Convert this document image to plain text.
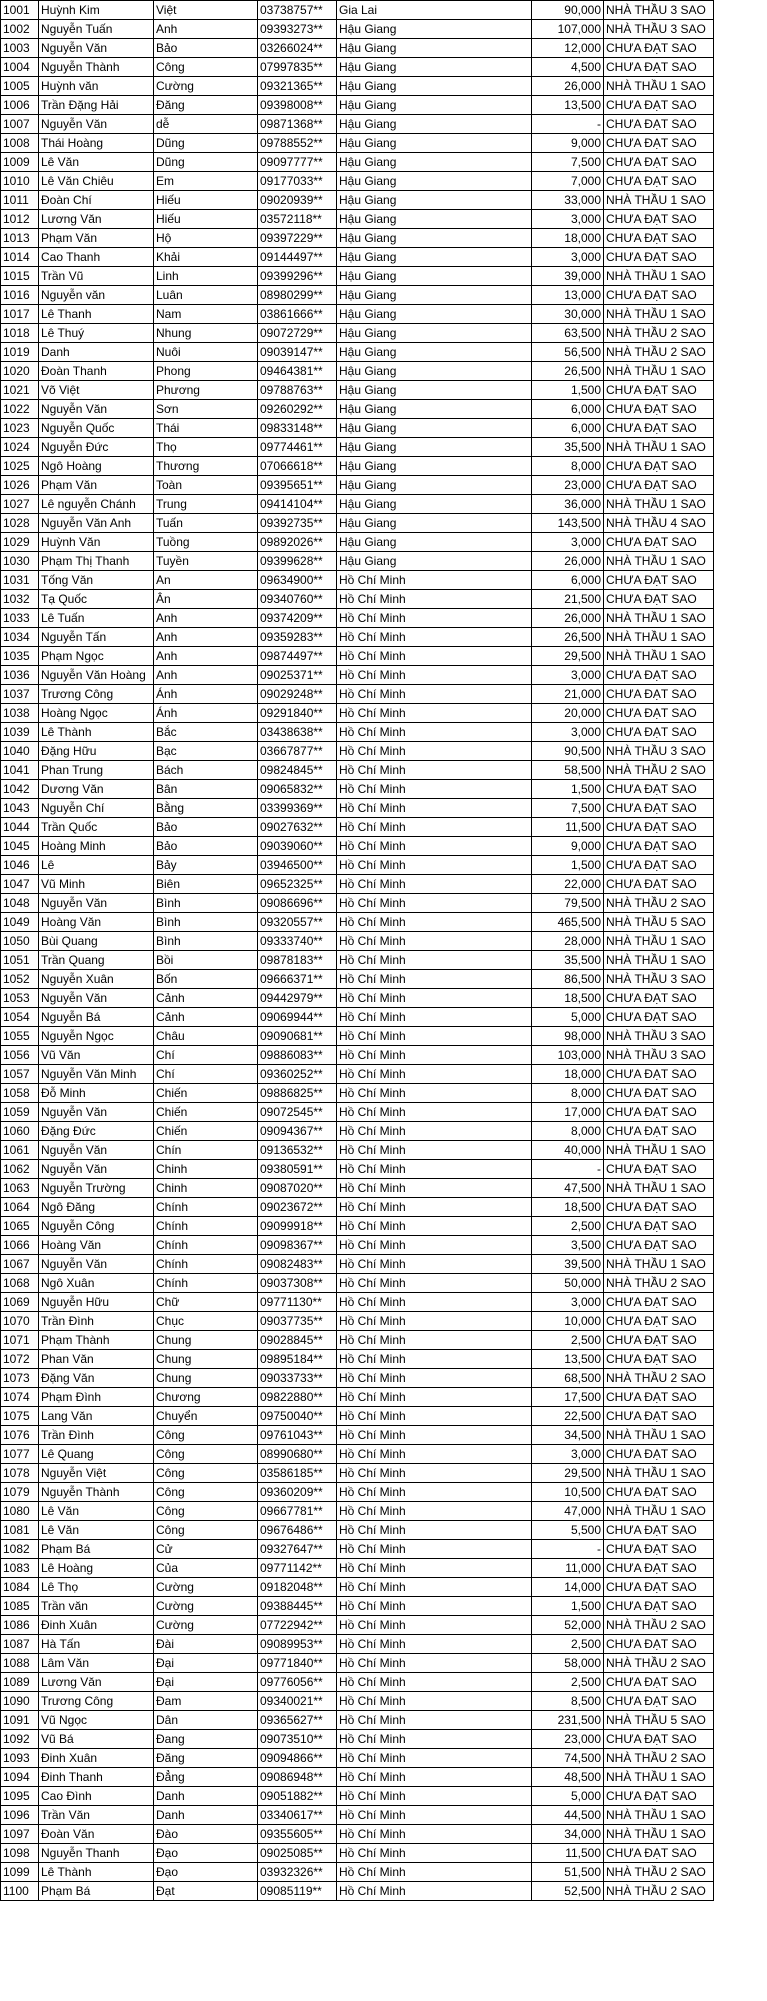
1001	Huỳnh Kim	Việt	03738757**	Gia Lai	90,000	NHÀ THẦU 3 SAO
1002	Nguyễn Tuấn	Anh	09393273**	Hậu Giang	107,000	NHÀ THẦU 3 SAO
1003	Nguyễn Văn	Bảo	03266024**	Hậu Giang	12,000	CHƯA ĐẠT SAO
1004	Nguyễn Thành	Công	07997835**	Hậu Giang	4,500	CHƯA ĐẠT SAO
1005	Huỳnh văn	Cường	09321365**	Hậu Giang	26,000	NHÀ THẦU 1 SAO
1006	Trần Đặng Hải	Đăng	09398008**	Hậu Giang	13,500	CHƯA ĐẠT SAO
1007	Nguyễn Văn	dễ	09871368**	Hậu Giang	-	CHƯA ĐẠT SAO
1008	Thái Hoàng	Dũng	09788552**	Hậu Giang	9,000	CHƯA ĐẠT SAO
1009	Lê Văn	Dũng	09097777**	Hậu Giang	7,500	CHƯA ĐẠT SAO
1010	Lê Văn Chiêu	Em	09177033**	Hậu Giang	7,000	CHƯA ĐẠT SAO
1011	Đoàn Chí	Hiếu	09020939**	Hậu Giang	33,000	NHÀ THẦU 1 SAO
1012	Lương Văn	Hiếu	03572118**	Hậu Giang	3,000	CHƯA ĐẠT SAO
1013	Phạm Văn	Hộ	09397229**	Hậu Giang	18,000	CHƯA ĐẠT SAO
1014	Cao Thanh	Khải	09144497**	Hậu Giang	3,000	CHƯA ĐẠT SAO
1015	Trần Vũ	Linh	09399296**	Hậu Giang	39,000	NHÀ THẦU 1 SAO
1016	Nguyễn văn	Luân	08980299**	Hậu Giang	13,000	CHƯA ĐẠT SAO
1017	Lê Thanh	Nam	03861666**	Hậu Giang	30,000	NHÀ THẦU 1 SAO
1018	Lê Thuý	Nhung	09072729**	Hậu Giang	63,500	NHÀ THẦU 2 SAO
1019	Danh	Nuôi	09039147**	Hậu Giang	56,500	NHÀ THẦU 2 SAO
1020	Đoàn Thanh	Phong	09464381**	Hậu Giang	26,500	NHÀ THẦU 1 SAO
1021	Võ Việt	Phương	09788763**	Hậu Giang	1,500	CHƯA ĐẠT SAO
1022	Nguyễn Văn	Sơn	09260292**	Hậu Giang	6,000	CHƯA ĐẠT SAO
1023	Nguyễn Quốc	Thái	09833148**	Hậu Giang	6,000	CHƯA ĐẠT SAO
1024	Nguyễn Đức	Thọ	09774461**	Hậu Giang	35,500	NHÀ THẦU 1 SAO
1025	Ngô Hoàng	Thương	07066618**	Hậu Giang	8,000	CHƯA ĐẠT SAO
1026	Phạm Văn	Toàn	09395651**	Hậu Giang	23,000	CHƯA ĐẠT SAO
1027	Lê nguyễn Chánh	Trung	09414104**	Hậu Giang	36,000	NHÀ THẦU 1 SAO
1028	Nguyễn Văn Anh	Tuấn	09392735**	Hậu Giang	143,500	NHÀ THẦU 4 SAO
1029	Huỳnh Văn	Tuồng	09892026**	Hậu Giang	3,000	CHƯA ĐẠT SAO
1030	Phạm Thị Thanh	Tuyền	09399628**	Hậu Giang	26,000	NHÀ THẦU 1 SAO
1031	Tống Văn	An	09634900**	Hồ Chí Minh	6,000	CHƯA ĐẠT SAO
1032	Tạ Quốc	Ân	09340760**	Hồ Chí Minh	21,500	CHƯA ĐẠT SAO
1033	Lê Tuấn	Anh	09374209**	Hồ Chí Minh	26,000	NHÀ THẦU 1 SAO
1034	Nguyễn Tấn	Anh	09359283**	Hồ Chí Minh	26,500	NHÀ THẦU 1 SAO
1035	Phạm Ngọc	Anh	09874497**	Hồ Chí Minh	29,500	NHÀ THẦU 1 SAO
1036	Nguyễn Văn Hoàng	Anh	09025371**	Hồ Chí Minh	3,000	CHƯA ĐẠT SAO
1037	Trương Công	Ánh	09029248**	Hồ Chí Minh	21,000	CHƯA ĐẠT SAO
1038	Hoàng Ngọc	Ánh	09291840**	Hồ Chí Minh	20,000	CHƯA ĐẠT SAO
1039	Lê Thành	Bắc	03438638**	Hồ Chí Minh	3,000	CHƯA ĐẠT SAO
1040	Đặng Hữu	Bạc	03667877**	Hồ Chí Minh	90,500	NHÀ THẦU 3 SAO
1041	Phan Trung	Bách	09824845**	Hồ Chí Minh	58,500	NHÀ THẦU 2 SAO
1042	Dương Văn	Bân	09065832**	Hồ Chí Minh	1,500	CHƯA ĐẠT SAO
1043	Nguyễn Chí	Bằng	03399369**	Hồ Chí Minh	7,500	CHƯA ĐẠT SAO
1044	Trần Quốc	Bảo	09027632**	Hồ Chí Minh	11,500	CHƯA ĐẠT SAO
1045	Hoàng Minh	Bảo	09039060**	Hồ Chí Minh	9,000	CHƯA ĐẠT SAO
1046	Lê	Bảy	03946500**	Hồ Chí Minh	1,500	CHƯA ĐẠT SAO
1047	Vũ Minh	Biên	09652325**	Hồ Chí Minh	22,000	CHƯA ĐẠT SAO
1048	Nguyễn Văn	Bình	09086696**	Hồ Chí Minh	79,500	NHÀ THẦU 2 SAO
1049	Hoàng Văn	Bình	09320557**	Hồ Chí Minh	465,500	NHÀ THẦU 5 SAO
1050	Bùi Quang	Bình	09333740**	Hồ Chí Minh	28,000	NHÀ THẦU 1 SAO
1051	Trần Quang	Bồi	09878183**	Hồ Chí Minh	35,500	NHÀ THẦU 1 SAO
1052	Nguyễn Xuân	Bốn	09666371**	Hồ Chí Minh	86,500	NHÀ THẦU 3 SAO
1053	Nguyễn Văn	Cảnh	09442979**	Hồ Chí Minh	18,500	CHƯA ĐẠT SAO
1054	Nguyễn Bá	Cảnh	09069944**	Hồ Chí Minh	5,000	CHƯA ĐẠT SAO
1055	Nguyễn Ngọc	Châu	09090681**	Hồ Chí Minh	98,000	NHÀ THẦU 3 SAO
1056	Vũ Văn	Chí	09886083**	Hồ Chí Minh	103,000	NHÀ THẦU 3 SAO
1057	Nguyễn Văn Minh	Chí	09360252**	Hồ Chí Minh	18,000	CHƯA ĐẠT SAO
1058	Đỗ Minh	Chiến	09886825**	Hồ Chí Minh	8,000	CHƯA ĐẠT SAO
1059	Nguyễn Văn	Chiến	09072545**	Hồ Chí Minh	17,000	CHƯA ĐẠT SAO
1060	Đặng Đức	Chiến	09094367**	Hồ Chí Minh	8,000	CHƯA ĐẠT SAO
1061	Nguyễn Văn	Chín	09136532**	Hồ Chí Minh	40,000	NHÀ THẦU 1 SAO
1062	Nguyễn Văn	Chinh	09380591**	Hồ Chí Minh	-	CHƯA ĐẠT SAO
1063	Nguyễn Trường	Chinh	09087020**	Hồ Chí Minh	47,500	NHÀ THẦU 1 SAO
1064	Ngô Đăng	Chính	09023672**	Hồ Chí Minh	18,500	CHƯA ĐẠT SAO
1065	Nguyễn Công	Chính	09099918**	Hồ Chí Minh	2,500	CHƯA ĐẠT SAO
1066	Hoàng Văn	Chính	09098367**	Hồ Chí Minh	3,500	CHƯA ĐẠT SAO
1067	Nguyễn Văn	Chính	09082483**	Hồ Chí Minh	39,500	NHÀ THẦU 1 SAO
1068	Ngô Xuân	Chính	09037308**	Hồ Chí Minh	50,000	NHÀ THẦU 2 SAO
1069	Nguyễn Hữu	Chữ	09771130**	Hồ Chí Minh	3,000	CHƯA ĐẠT SAO
1070	Trần Đình	Chục	09037735**	Hồ Chí Minh	10,000	CHƯA ĐẠT SAO
1071	Phạm Thành	Chung	09028845**	Hồ Chí Minh	2,500	CHƯA ĐẠT SAO
1072	Phan Văn	Chung	09895184**	Hồ Chí Minh	13,500	CHƯA ĐẠT SAO
1073	Đặng Văn	Chung	09033733**	Hồ Chí Minh	68,500	NHÀ THẦU 2 SAO
1074	Phạm Đình	Chương	09822880**	Hồ Chí Minh	17,500	CHƯA ĐẠT SAO
1075	Lang Văn	Chuyển	09750040**	Hồ Chí Minh	22,500	CHƯA ĐẠT SAO
1076	Trần Đình	Công	09761043**	Hồ Chí Minh	34,500	NHÀ THẦU 1 SAO
1077	Lê Quang	Công	08990680**	Hồ Chí Minh	3,000	CHƯA ĐẠT SAO
1078	Nguyễn Việt	Công	03586185**	Hồ Chí Minh	29,500	NHÀ THẦU 1 SAO
1079	Nguyễn Thành	Công	09360209**	Hồ Chí Minh	10,500	CHƯA ĐẠT SAO
1080	Lê Văn	Công	09667781**	Hồ Chí Minh	47,000	NHÀ THẦU 1 SAO
1081	Lê Văn	Công	09676486**	Hồ Chí Minh	5,500	CHƯA ĐẠT SAO
1082	Phạm Bá	Cử	09327647**	Hồ Chí Minh	-	CHƯA ĐẠT SAO
1083	Lê Hoàng	Của	09771142**	Hồ Chí Minh	11,000	CHƯA ĐẠT SAO
1084	Lê Thọ	Cường	09182048**	Hồ Chí Minh	14,000	CHƯA ĐẠT SAO
1085	Trần văn	Cường	09388445**	Hồ Chí Minh	1,500	CHƯA ĐẠT SAO
1086	Đinh Xuân	Cường	07722942**	Hồ Chí Minh	52,000	NHÀ THẦU 2 SAO
1087	Hà Tấn	Đài	09089953**	Hồ Chí Minh	2,500	CHƯA ĐẠT SAO
1088	Lâm Văn	Đại	09771840**	Hồ Chí Minh	58,000	NHÀ THẦU 2 SAO
1089	Lương Văn	Đại	09776056**	Hồ Chí Minh	2,500	CHƯA ĐẠT SAO
1090	Trương Công	Đam	09340021**	Hồ Chí Minh	8,500	CHƯA ĐẠT SAO
1091	Vũ Ngọc	Dân	09365627**	Hồ Chí Minh	231,500	NHÀ THẦU 5 SAO
1092	Vũ Bá	Đang	09073510**	Hồ Chí Minh	23,000	CHƯA ĐẠT SAO
1093	Đinh Xuân	Đăng	09094866**	Hồ Chí Minh	74,500	NHÀ THẦU 2 SAO
1094	Đinh Thanh	Đẳng	09086948**	Hồ Chí Minh	48,500	NHÀ THẦU 1 SAO
1095	Cao Đình	Danh	09051882**	Hồ Chí Minh	5,000	CHƯA ĐẠT SAO
1096	Trần Văn	Danh	03340617**	Hồ Chí Minh	44,500	NHÀ THẦU 1 SAO
1097	Đoàn Văn	Đào	09355605**	Hồ Chí Minh	34,000	NHÀ THẦU 1 SAO
1098	Nguyễn Thanh	Đạo	09025085**	Hồ Chí Minh	11,500	CHƯA ĐẠT SAO
1099	Lê Thành	Đạo	03932326**	Hồ Chí Minh	51,500	NHÀ THẦU 2 SAO
1100	Phạm Bá	Đạt	09085119**	Hồ Chí Minh	52,500	NHÀ THẦU 2 SAO
